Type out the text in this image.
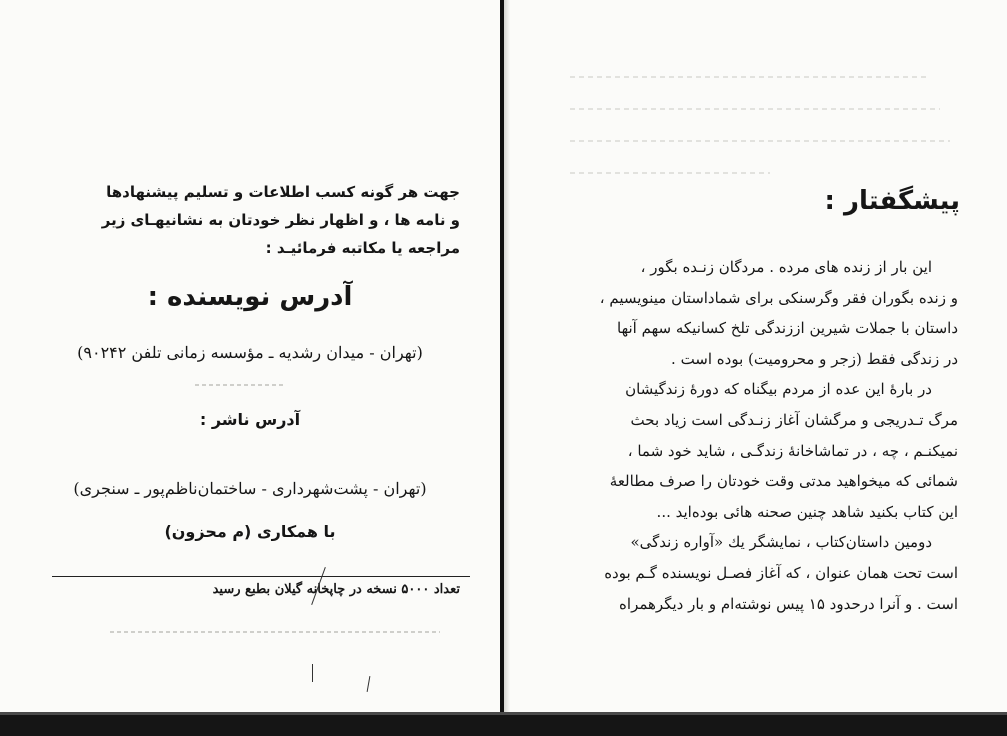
جهت هر گونه کسب اطلاعات و تسلیم پیشنهادها
و نامه ها ، و اظهار نظر خودتان به نشانیهـای زیر
مراجعه یا مکاتبه فرمائیـد :
آدرس نویسنده :
(تهران - میدان رشدیه ـ مؤسسه زمانی تلفن ۹۰۲۴۲)
آدرس ناشر :
(تهران - پشت‌شهرداری - ساختمان‌ناظم‌پور ـ سنجری)
با همکاری (م محزون)
تعداد ۵۰۰۰ نسخه در چاپخانه گیلان بطبع رسید
پیشگفتار :
این بار از زنده های مرده . مردگان زنـده بگور ،
و زنده بگوران فقر وگرسنکی برای شماداستان مینویسیم ،
داستان با جملات شیرین اززندگی تلخ کسانیکه سهم آنها
در زندگی فقط (زجر و محرومیت) بوده است .
در بارهٔ این عده از مردم بیگناه که دورهٔ زندگیشان
مرگ تـدریجی و مرگشان آغاز زنـدگی است زیاد بحث
نمیکنـم ، چه ، در تماشاخانهٔ زندگـی ، شاید خود شما ،
شمائی که میخواهید مدتی وقت خودتان را صرف مطالعهٔ
این کتاب بکنید شاهد چنین صحنه هائی بوده‌اید ...
دومین داستان‌کتاب ، نمایشگر یك «آواره زندگی»
است تحت همان عنوان ، که آغاز فصـل نویسنده گـم بوده
است . و آنرا درحدود ۱۵ پیس نوشته‌ام و بار دیگرهمراه
